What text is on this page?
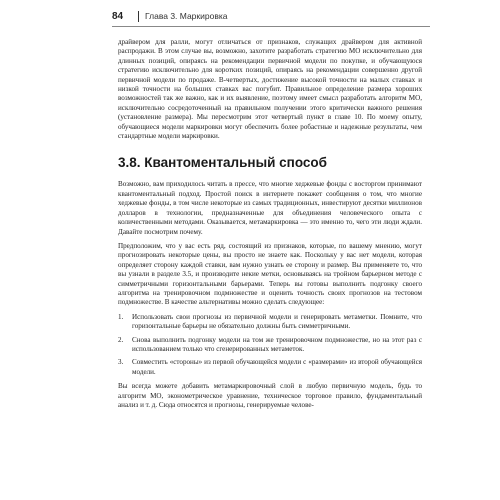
84	Глава 3. Маркировка

драйвером для ралли, могут отличаться от признаков, служащих драйвером для активной распродажи. В этом случае вы, возможно, захотите разработать стратегию МО исключительно для длинных позиций, опираясь на рекомендации первичной модели по покупке, и обучающуюся стратегию исключительно для коротких позиций, опираясь на рекомендации совершенно другой первичной модели по продаже. В-четвертых, достижение высокой точности на малых ставках и низкой точности на больших ставках вас погубит. Правильное определение размера хороших возможностей так же важно, как и их выявление, поэтому имеет смысл разработать алгоритм МО, исключительно сосредоточенный на правильном получении этого критически важного решения (установление размера). Мы пересмотрим этот четвертый пункт в главе 10. По моему опыту, обучающиеся модели маркировки могут обеспечить более робастные и надежные результаты, чем стандартные модели маркировки.

3.8. Квантоментальный способ

Возможно, вам приходилось читать в прессе, что многие хеджевые фонды с восторгом принимают квантоментальный подход. Простой поиск в интернете покажет сообщения о том, что многие хеджевые фонды, в том числе некоторые из самых традиционных, инвестируют десятки миллионов долларов в технологии, предназначенные для объединения человеческого опыта с количественными методами. Оказывается, метамаркировка — это именно то, чего эти люди ждали. Давайте посмотрим почему.

Предположим, что у вас есть ряд, состоящий из признаков, которые, по вашему мнению, могут прогнозировать некоторые цены, вы просто не знаете как. Поскольку у вас нет модели, которая определяет сторону каждой ставки, вам нужно узнать ее сторону и размер. Вы применяете то, что вы узнали в разделе 3.5, и производите некие метки, основываясь на тройном барьерном методе с симметричными горизонтальными барьерами. Теперь вы готовы выполнить подгонку своего алгоритма на тренировочном подмножестве и оценить точность своих прогнозов на тестовом подмножестве. В качестве альтернативы можно сделать следующее:

1.	Использовать свои прогнозы из первичной модели и генерировать метаметки. Помните, что горизонтальные барьеры не обязательно должны быть симметричными.
2.	Снова выполнить подгонку модели на том же тренировочном подмножестве, но на этот раз с использованием только что сгенерированных метаметок.
3.	Совместить «стороны» из первой обучающейся модели с «размерами» из второй обучающейся модели.

Вы всегда можете добавить метамаркировочный слой в любую первичную модель, будь то алгоритм МО, эконометрическое уравнение, техническое торговое правило, фундаментальный анализ и т. д. Сюда относятся и прогнозы, генерируемые челове-
